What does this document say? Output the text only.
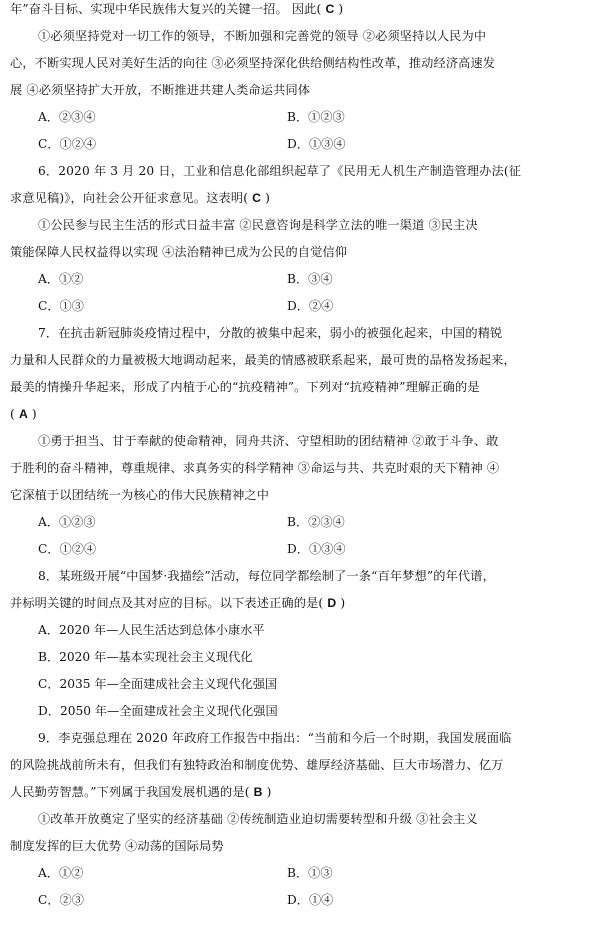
年”奋斗目标、实现中华民族伟大复兴的关键一招。 因此( C )
①必须坚持党对一切工作的领导，不断加强和完善党的领导 ②必须坚持以人民为中
心，不断实现人民对美好生活的向往 ③必须坚持深化供给侧结构性改革，推动经济高速发
展 ④必须坚持扩大开放，不断推进共建人类命运共同体
A．②③④	B．①②③
C．①②④	D．①③④
6．2020 年 3 月 20 日，工业和信息化部组织起草了《民用无人机生产制造管理办法(征
求意见稿)》，向社会公开征求意见。这表明( C )
①公民参与民主生活的形式日益丰富 ②民意咨询是科学立法的唯一渠道 ③民主决
策能保障人民权益得以实现 ④法治精神已成为公民的自觉信仰
A．①②	B．③④
C．①③	D．②④
7．在抗击新冠肺炎疫情过程中，分散的被集中起来，弱小的被强化起来，中国的精锐
力量和人民群众的力量被极大地调动起来，最美的情感被联系起来，最可贵的品格发扬起来，
最美的情操升华起来，形成了内植于心的“抗疫精神”。下列对“抗疫精神”理解正确的是
( A )
①勇于担当、甘于奉献的使命精神，同舟共济、守望相助的团结精神 ②敢于斗争、敢
于胜利的奋斗精神，尊重规律、求真务实的科学精神 ③命运与共、共克时艰的天下精神 ④
它深植于以团结统一为核心的伟大民族精神之中
A．①②③	B．②③④
C．①②④	D．①③④
8．某班级开展“中国梦·我描绘”活动，每位同学都绘制了一条“百年梦想”的年代谱，
并标明关键的时间点及其对应的目标。以下表述正确的是( D )
A．2020 年—人民生活达到总体小康水平
B．2020 年—基本实现社会主义现代化
C．2035 年—全面建成社会主义现代化强国
D．2050 年—全面建成社会主义现代化强国
9．李克强总理在 2020 年政府工作报告中指出：“当前和今后一个时期，我国发展面临
的风险挑战前所未有，但我们有独特政治和制度优势、雄厚经济基础、巨大市场潜力、亿万
人民勤劳智慧。”下列属于我国发展机遇的是( B )
①改革开放奠定了坚实的经济基础 ②传统制造业迫切需要转型和升级 ③社会主义
制度发挥的巨大优势 ④动荡的国际局势
A．①②	B．①③
C．②③	D．①④
